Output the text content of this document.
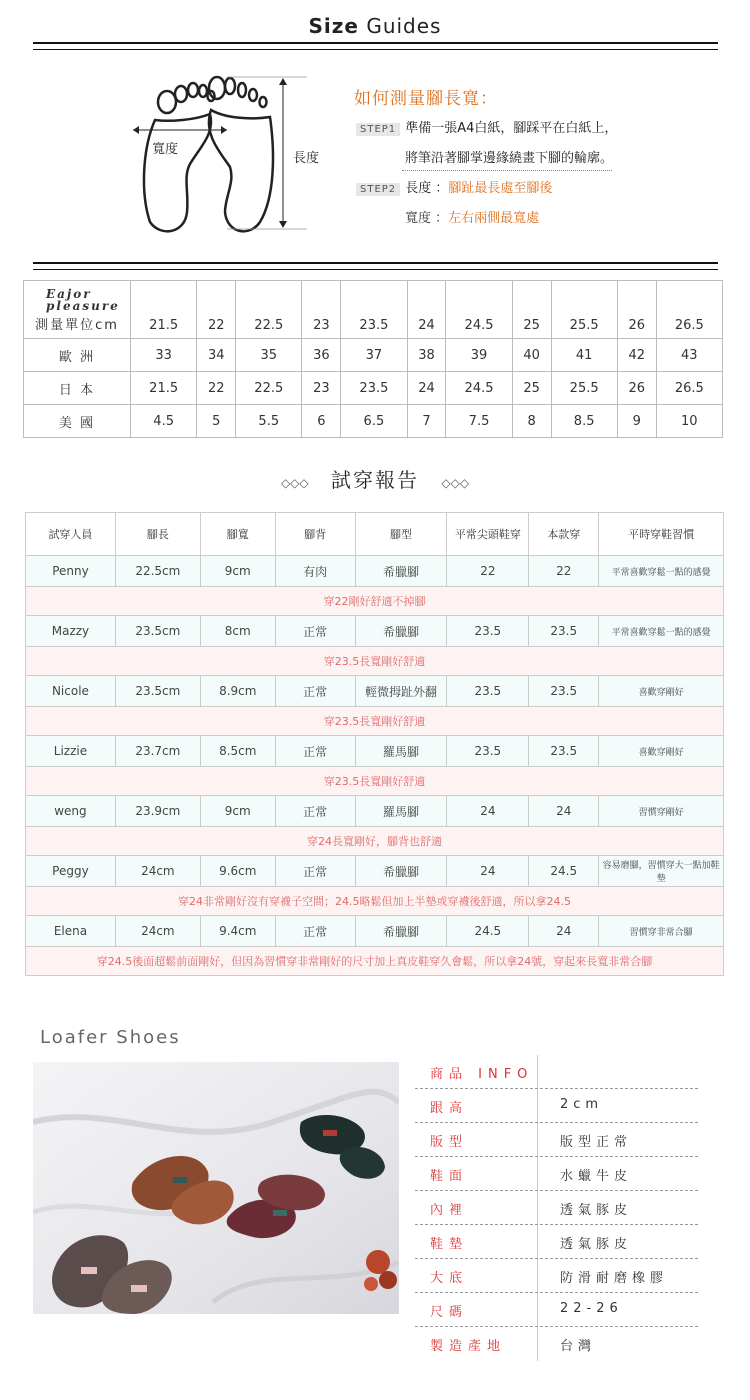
Size Guides
寬度
長度
如何測量腳長寬：
STEP1 準備一張A4白紙，腳踩平在白紙上，
將筆沿著腳掌邊緣繞畫下腳的輪廓。
STEP2 長度 ：腳趾最長處至腳後
寬度 ：左右兩側最寬處
Eajor pleasure
測量單位cm	21.5	22	22.5	23	23.5	24	24.5	25	25.5	26	26.5
歐 洲	33	34	35	36	37	38	39	40	41	42	43
日 本	21.5	22	22.5	23	23.5	24	24.5	25	25.5	26	26.5
美 國	4.5	5	5.5	6	6.5	7	7.5	8	8.5	9	10
◇◇◇ 試穿報告 ◇◇◇
試穿人員	腳長	腳寬	腳背	腳型	平常尖頭鞋穿	本款穿	平時穿鞋習慣
Penny	22.5cm	9cm	有肉	希臘腳	22	22	平常喜歡穿鬆一點的感覺
穿22剛好舒適不掉腳							
Mazzy	23.5cm	8cm	正常	希臘腳	23.5	23.5	平常喜歡穿鬆一點的感覺
穿23.5長寬剛好舒適							
Nicole	23.5cm	8.9cm	正常	輕微拇趾外翻	23.5	23.5	喜歡穿剛好
穿23.5長寬剛好舒適							
Lizzie	23.7cm	8.5cm	正常	羅馬腳	23.5	23.5	喜歡穿剛好
穿23.5長寬剛好舒適							
weng	23.9cm	9cm	正常	羅馬腳	24	24	習慣穿剛好
穿24長寬剛好，腳背也舒適							
Peggy	24cm	9.6cm	正常	希臘腳	24	24.5	容易磨腳，習慣穿大一點加鞋墊
穿24非常剛好沒有穿襪子空間；24.5略鬆但加上半墊或穿襪後舒適，所以拿24.5							
Elena	24cm	9.4cm	正常	希臘腳	24.5	24	習慣穿非常合腳
穿24.5後面超鬆前面剛好，但因為習慣穿非常剛好的尺寸加上真皮鞋穿久會鬆，所以拿24號，穿起來長寬非常合腳							
Loafer Shoes
商品 INFO
跟高	2cm
版型	版型正常
鞋面	水蠟牛皮
內裡	透氣豚皮
鞋墊	透氣豚皮
大底	防滑耐磨橡膠
尺碼	22-26
製造產地	台灣
